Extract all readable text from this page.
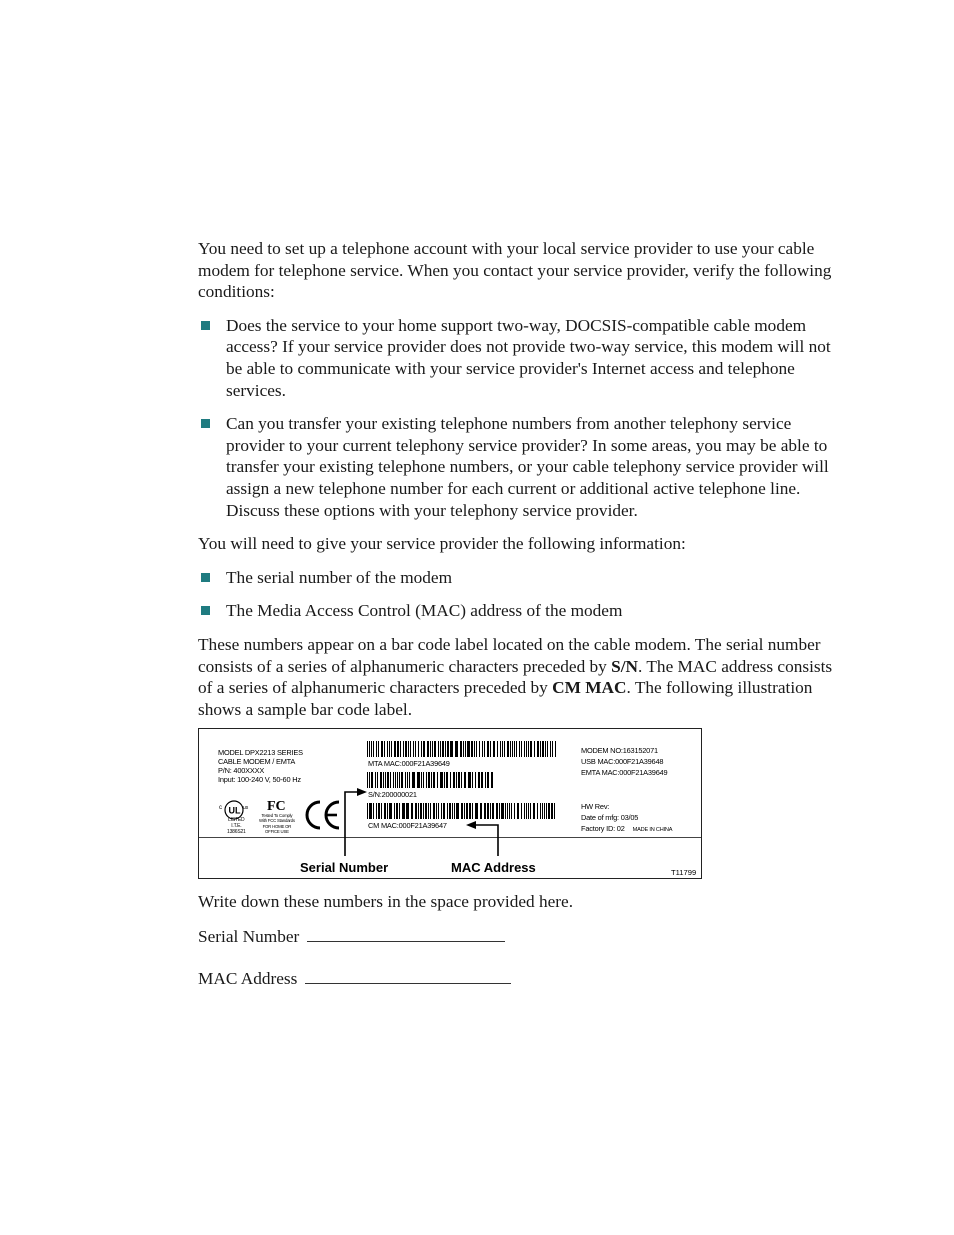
You need to set up a telephone account with your local service provider to use your cable modem for telephone service. When you contact your service provider, verify the following conditions:

Does the service to your home support two-way, DOCSIS-compatible cable modem access? If your service provider does not provide two-way service, this modem will not be able to communicate with your service provider's Internet access and telephone services.
Can you transfer your existing telephone numbers from another telephony service provider to your current telephony service provider? In some areas, you may be able to transfer your existing telephone numbers, or your cable telephony service provider will assign a new telephone number for each current or additional active telephone line. Discuss these options with your telephony service provider.

You will need to give your service provider the following information:

The serial number of the modem
The Media Access Control (MAC) address of the modem

These numbers appear on a bar code label located on the cable modem. The serial number consists of a series of alphanumeric characters preceded by S/N. The MAC address consists of a series of alphanumeric characters preceded by CM MAC. The following illustration shows a sample bar code label.

MODEL DPX2213 SERIES
CABLE MODEM / EMTA
P/N: 400XXXX
Input: 100-240 V, 50-60 Hz
UL
c	us
LISTED
I.T.E.
1386S21
FC
Tested To Comply
With FCC Standards
FOR HOME OR
OFFICE USE
MTA MAC:000F21A39649
S/N:200000021
CM MAC:000F21A39647
MODEM NO:163152071
USB MAC:000F21A39648
EMTA MAC:000F21A39649
HW Rev:
Date of mfg: 03/05
Factory ID: 02 MADE IN CHINA
Serial Number	MAC Address	T11799

Write down these numbers in the space provided here.

Serial Number

MAC Address
